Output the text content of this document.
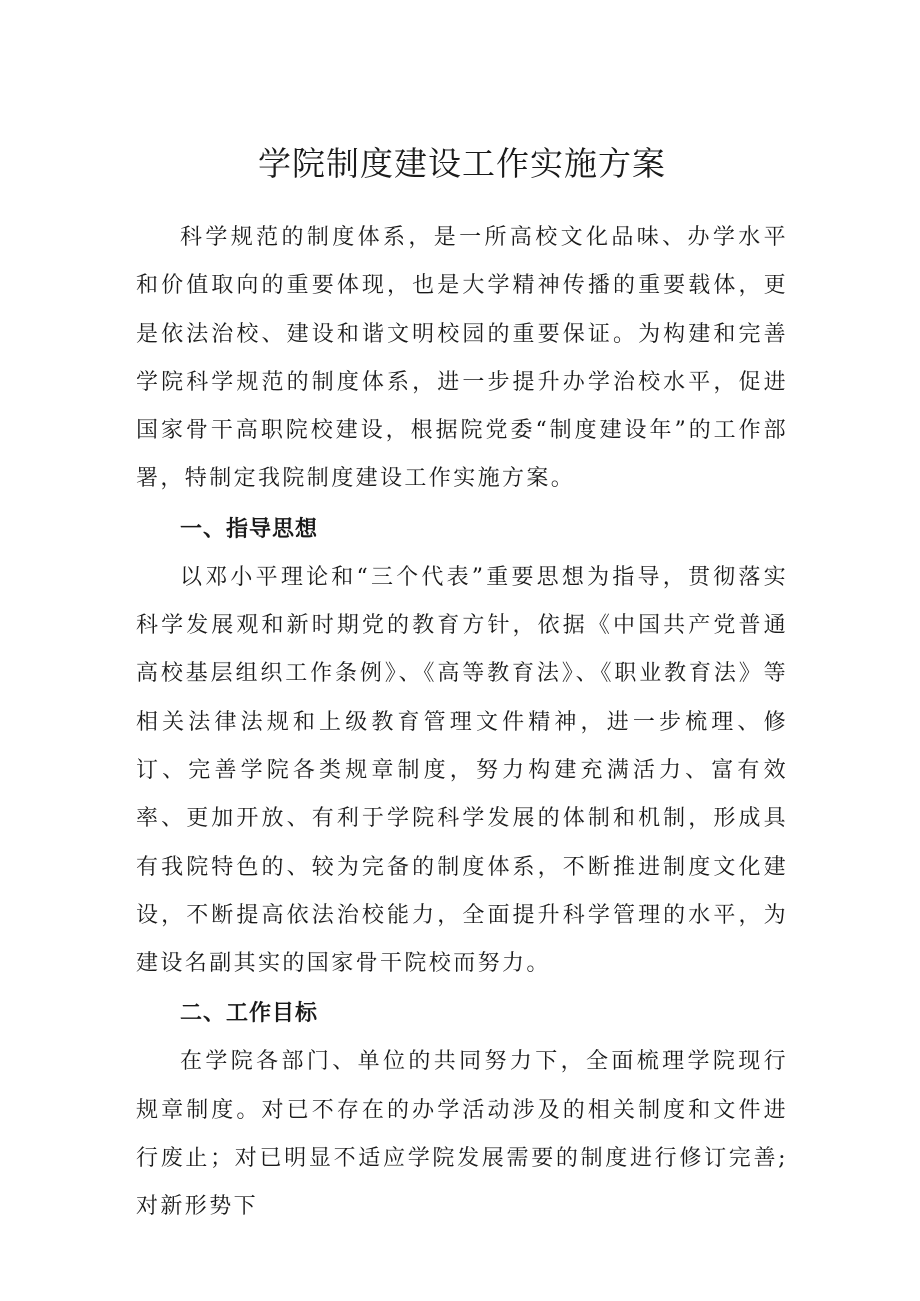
学院制度建设工作实施方案

科学规范的制度体系，是一所高校文化品味、办学水平和价值取向的重要体现，也是大学精神传播的重要载体，更是依法治校、建设和谐文明校园的重要保证。为构建和完善学院科学规范的制度体系，进一步提升办学治校水平，促进国家骨干高职院校建设，根据院党委“制度建设年”的工作部署，特制定我院制度建设工作实施方案。

一、指导思想

以邓小平理论和“三个代表”重要思想为指导，贯彻落实科学发展观和新时期党的教育方针，依据《中国共产党普通高校基层组织工作条例》、《高等教育法》、《职业教育法》等相关法律法规和上级教育管理文件精神，进一步梳理、修订、完善学院各类规章制度，努力构建充满活力、富有效率、更加开放、有利于学院科学发展的体制和机制，形成具有我院特色的、较为完备的制度体系，不断推进制度文化建设，不断提高依法治校能力，全面提升科学管理的水平，为建设名副其实的国家骨干院校而努力。

二、工作目标

在学院各部门、单位的共同努力下，全面梳理学院现行规章制度。对已不存在的办学活动涉及的相关制度和文件进行废止；对已明显不适应学院发展需要的制度进行修订完善;对新形势下
